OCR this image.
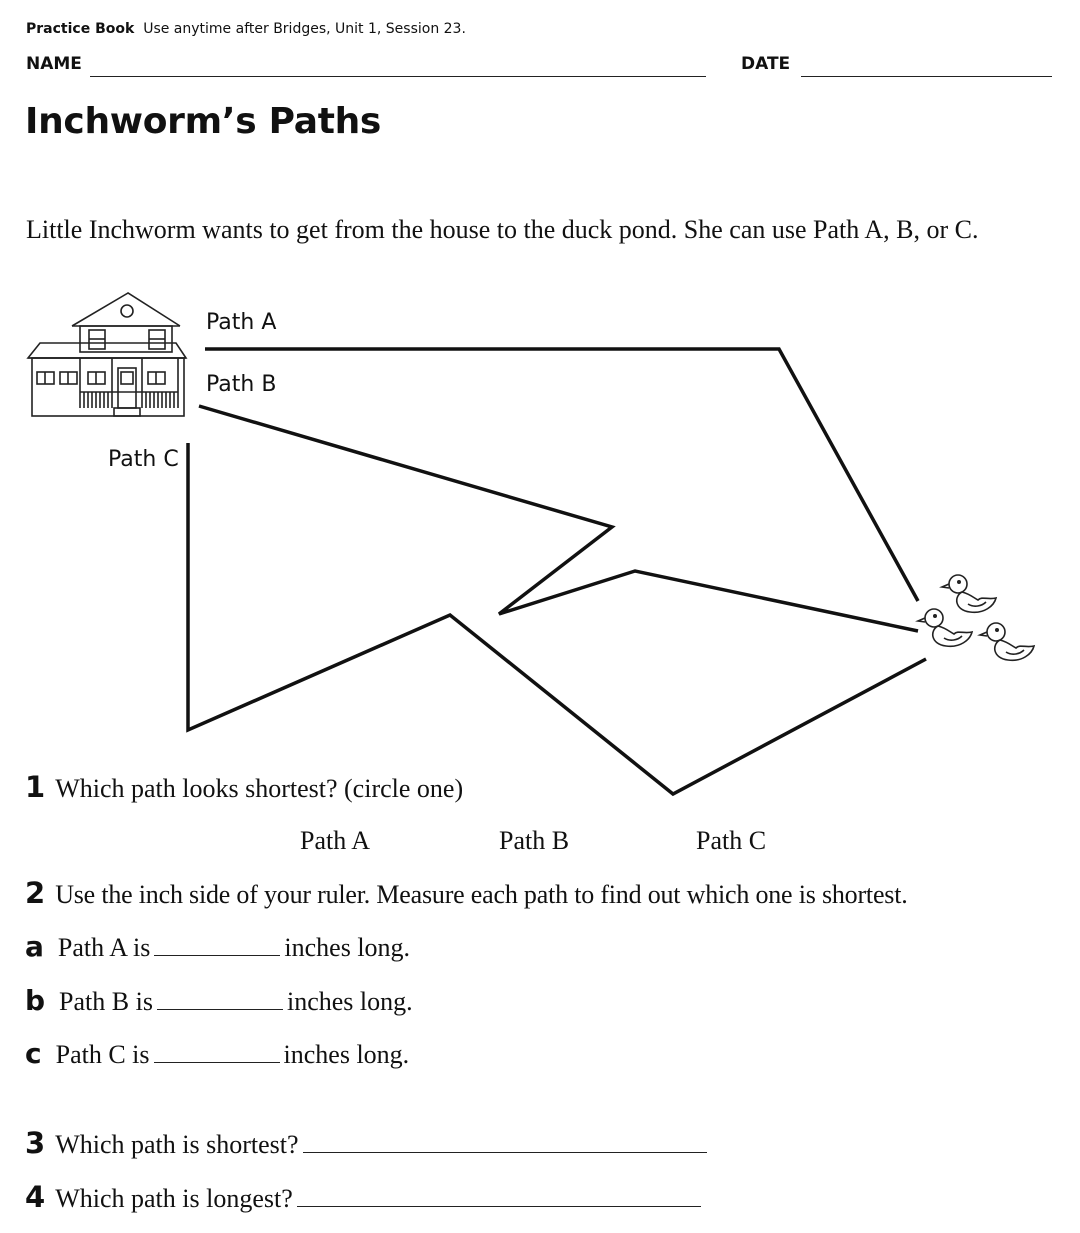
Practice Book Use anytime after Bridges, Unit 1, Session 23.
NAME	DATE
Inchworm’s Paths
Little Inchworm wants to get from the house to the duck pond. She can use Path A, B, or C.
Path A
Path B
Path C
1 Which path looks shortest? (circle one)
Path A	Path B	Path C
2 Use the inch side of your ruler. Measure each path to find out which one is shortest.
a Path A is	inches long.
b Path B is	inches long.
c Path C is	inches long.
3 Which path is shortest?
4 Which path is longest?
